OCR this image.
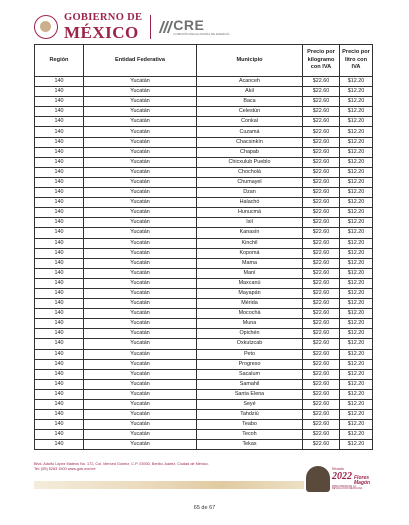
GOBIERNO DE
MÉXICO CRE
COMISIÓN REGULADORA DE ENERGÍA
Región	Entidad Federativa	Municipio	Precio por kilogramo con IVA	Precio por litro con IVA
140	Yucatán	Acanceh	$22.60	$12.20
140	Yucatán	Akil	$22.60	$12.20
140	Yucatán	Baca	$22.60	$12.20
140	Yucatán	Celestún	$22.60	$12.20
140	Yucatán	Conkal	$22.60	$12.20
140	Yucatán	Cuzamá	$22.60	$12.20
140	Yucatán	Chacsinkín	$22.60	$12.20
140	Yucatán	Chapab	$22.60	$12.20
140	Yucatán	Chicxulub Pueblo	$22.60	$12.20
140	Yucatán	Chocholá	$22.60	$12.20
140	Yucatán	Chumayel	$22.60	$12.20
140	Yucatán	Dzan	$22.60	$12.20
140	Yucatán	Halachó	$22.60	$12.20
140	Yucatán	Hunucmá	$22.60	$12.20
140	Yucatán	Ixil	$22.60	$12.20
140	Yucatán	Kanasín	$22.60	$12.20
140	Yucatán	Kinchil	$22.60	$12.20
140	Yucatán	Kopomá	$22.60	$12.20
140	Yucatán	Mama	$22.60	$12.20
140	Yucatán	Maní	$22.60	$12.20
140	Yucatán	Maxcanú	$22.60	$12.20
140	Yucatán	Mayapán	$22.60	$12.20
140	Yucatán	Mérida	$22.60	$12.20
140	Yucatán	Mocochá	$22.60	$12.20
140	Yucatán	Muna	$22.60	$12.20
140	Yucatán	Opichén	$22.60	$12.20
140	Yucatán	Oxkutzcab	$22.60	$12.20
140	Yucatán	Peto	$22.60	$12.20
140	Yucatán	Progreso	$22.60	$12.20
140	Yucatán	Sacalum	$22.60	$12.20
140	Yucatán	Samahil	$22.60	$12.20
140	Yucatán	Santa Elena	$22.60	$12.20
140	Yucatán	Seyé	$22.60	$12.20
140	Yucatán	Tahdziú	$22.60	$12.20
140	Yucatán	Teabo	$22.60	$12.20
140	Yucatán	Tecoh	$22.60	$12.20
140	Yucatán	Tekax	$22.60	$12.20
Blvd. Adolfo López Mateos No. 172, Col. Merced Gómez, C.P. 03930, Benito Juárez, Ciudad de México.
Tel: (55) 5283 1500 www.gob.mx/cre	Ricardo
2022 Flores Magón
PRECURSOR DE LA REVOLUCIÓN MEXICANA
65 de 67
